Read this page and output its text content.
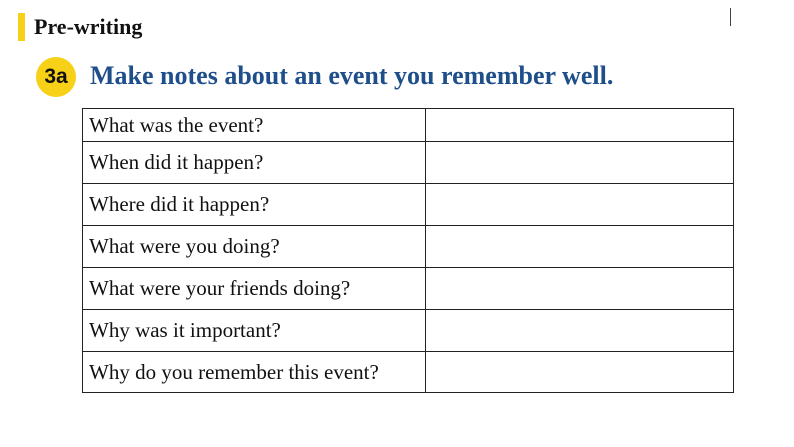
Pre-writing
3a Make notes about an event you remember well.
What was the event?	
When did it happen?	
Where did it happen?	
What were you doing?	
What were your friends doing?	
Why was it important?	
Why do you remember this event?	
